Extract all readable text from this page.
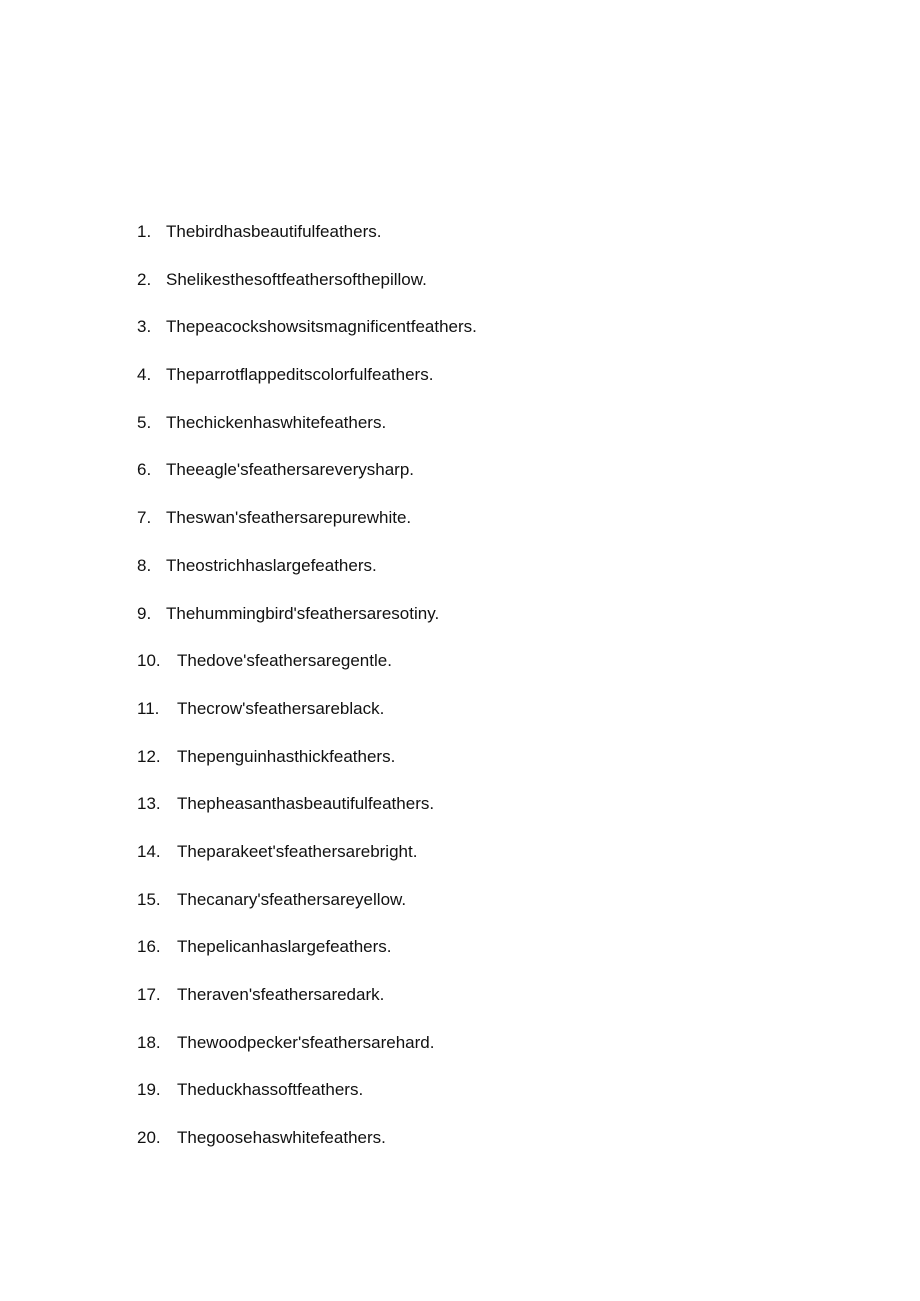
1. Thebirdhasbeautifulfeathers.
2. Shelikesthesoftfeathersofthepillow.
3. Thepeacockshowsitsmagnificentfeathers.
4. Theparrotflappeditscolorfulfeathers.
5. Thechickenhaswhitefeathers.
6. Theeagle'sfeathersareverysharp.
7. Theswan'sfeathersarepurewhite.
8. Theostrichhaslargefeathers.
9. Thehummingbird'sfeathersaresotiny.
10. Thedove'sfeathersaregentle.
11.	Thecrow'sfeathersareblack.
12. Thepenguinhasthickfeathers.
13. Thepheasanthasbeautifulfeathers.
14. Theparakeet'sfeathersarebright.
15. Thecanary'sfeathersareyellow.
16. Thepelicanhaslargefeathers.
17. Theraven'sfeathersaredark.
18. Thewoodpecker'sfeathersarehard.
19. Theduckhassoftfeathers.
20. Thegoosehaswhitefeathers.
